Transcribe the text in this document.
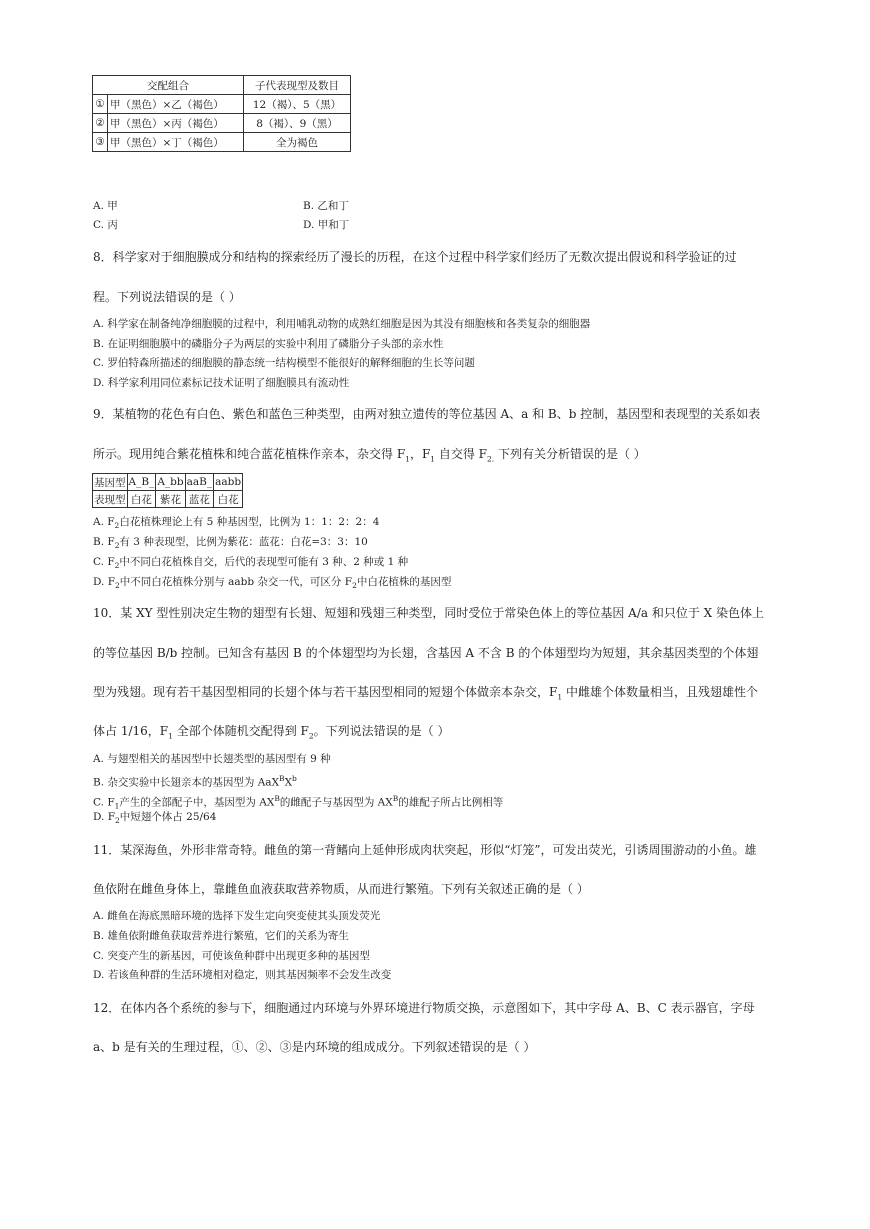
交配组合		子代表现型及数目
①	甲（黑色）×乙（褐色）	12（褐）、5（黑）
②	甲（黑色）×丙（褐色）	8（褐）、9（黑）
③	甲（黑色）×丁（褐色）	全为褐色
A. 甲	B. 乙和丁
C. 丙	D. 甲和丁
8．科学家对于细胞膜成分和结构的探索经历了漫长的历程，在这个过程中科学家们经历了无数次提出假说和科学验证的过
程。下列说法错误的是（ ）
A. 科学家在制备纯净细胞膜的过程中，利用哺乳动物的成熟红细胞是因为其没有细胞核和各类复杂的细胞器
B. 在证明细胞膜中的磷脂分子为两层的实验中利用了磷脂分子头部的亲水性
C. 罗伯特森所描述的细胞膜的静态统一结构模型不能很好的解释细胞的生长等问题
D. 科学家利用同位素标记技术证明了细胞膜具有流动性
9．某植物的花色有白色、紫色和蓝色三种类型，由两对独立遗传的等位基因 A、a 和 B、b 控制，基因型和表现型的关系如表
所示。现用纯合紫花植株和纯合蓝花植株作亲本，杂交得 $F_1$，$F_1$ 自交得 $F_{2.}$ 下列有关分析错误的是（ ）
基因型	A_B_	A_bb	aaB_	aabb
表现型	白花	紫花	蓝花	白花
A. $F_2$白花植株理论上有 5 种基因型，比例为 1：1：2：2：4
B. $F_2$有 3 种表现型，比例为紫花：蓝花：白花=3：3：10
C. $F_2$中不同白花植株自交，后代的表现型可能有 3 种、2 种或 1 种
D. $F_2$中不同白花植株分别与 aabb 杂交一代，可区分 $F_2$中白花植株的基因型
10．某 XY 型性别决定生物的翅型有长翅、短翅和残翅三种类型，同时受位于常染色体上的等位基因 A/a 和只位于 X 染色体上
的等位基因 B/b 控制。已知含有基因 B 的个体翅型均为长翅，含基因 A 不含 B 的个体翅型均为短翅，其余基因类型的个体翅
型为残翅。现有若干基因型相同的长翅个体与若干基因型相同的短翅个体做亲本杂交，$F_1$ 中雌雄个体数量相当，且残翅雄性个
体占 1/16，$F_1$ 全部个体随机交配得到 $F_2$。下列说法错误的是（ ）
A. 与翅型相关的基因型中长翅类型的基因型有 9 种
B. 杂交实验中长翅亲本的基因型为 $AaX^BX^b$
C. $F_1$产生的全部配子中，基因型为 $AX^B$的雌配子与基因型为 $AX^B$的雄配子所占比例相等
D. $F_2$中短翅个体占 25/64
11．某深海鱼，外形非常奇特。雌鱼的第一背鳍向上延伸形成肉状突起，形似“灯笼”，可发出荧光，引诱周围游动的小鱼。雄
鱼依附在雌鱼身体上，靠雌鱼血液获取营养物质，从而进行繁殖。下列有关叙述正确的是（ ）
A. 雌鱼在海底黑暗环境的选择下发生定向突变使其头顶发荧光
B. 雄鱼依附雌鱼获取营养进行繁殖，它们的关系为寄生
C. 突变产生的新基因，可使该鱼种群中出现更多种的基因型
D. 若该鱼种群的生活环境相对稳定，则其基因频率不会发生改变
12．在体内各个系统的参与下，细胞通过内环境与外界环境进行物质交换，示意图如下，其中字母 A、B、C 表示器官，字母
a、b 是有关的生理过程，①、②、③是内环境的组成成分。下列叙述错误的是（ ）
